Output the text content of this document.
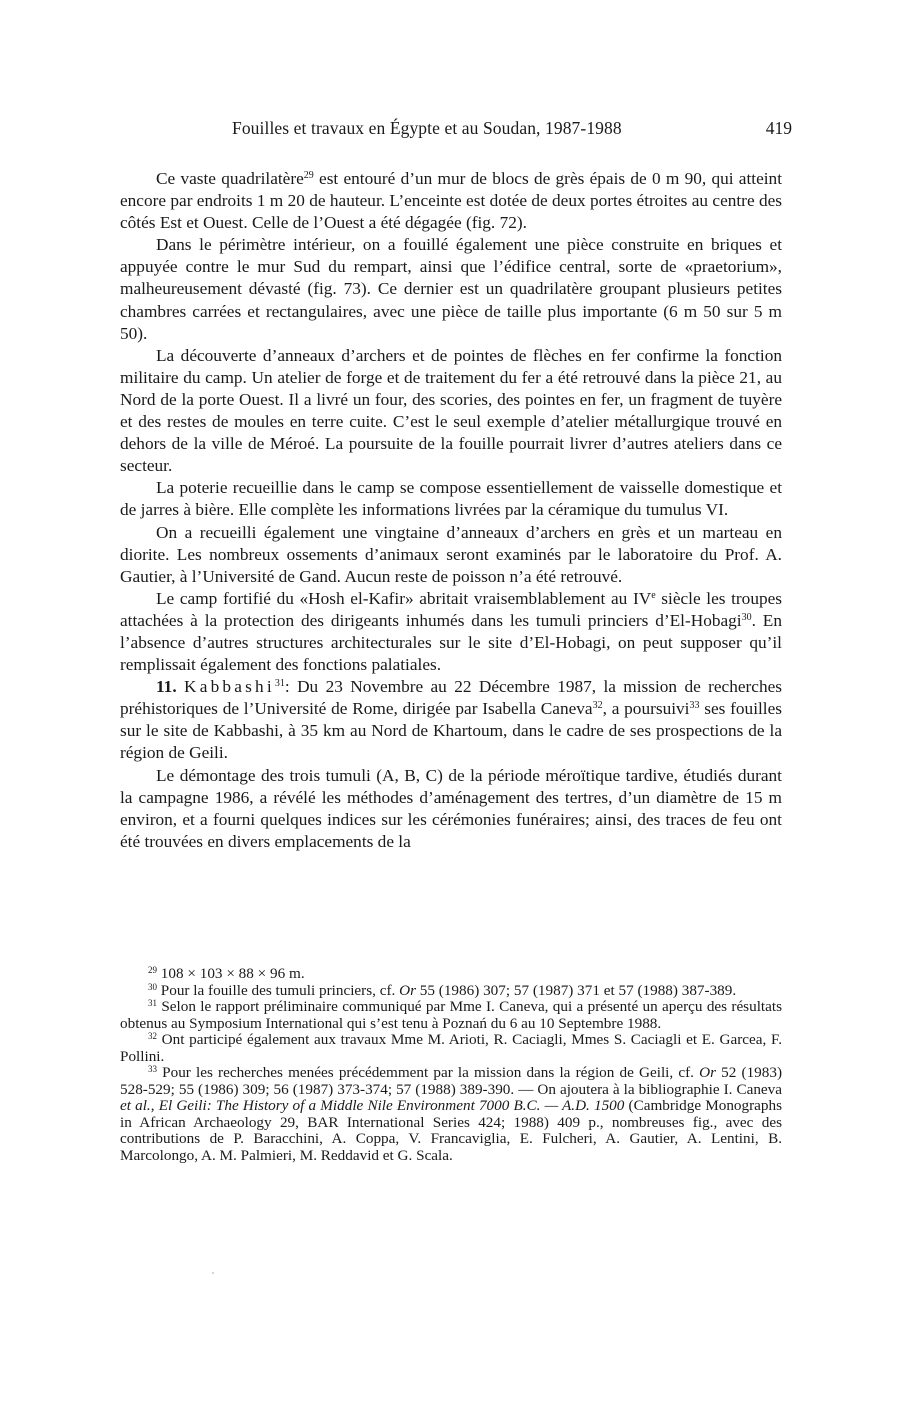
Fouilles et travaux en Égypte et au Soudan, 1987-1988	419

Ce vaste quadrilatère$^{29}$ est entouré d’un mur de blocs de grès épais de 0 m 90, qui atteint encore par endroits 1 m 20 de hauteur. L’enceinte est dotée de deux portes étroites au centre des côtés Est et Ouest. Celle de l’Ouest a été dégagée (fig. 72).

Dans le périmètre intérieur, on a fouillé également une pièce construite en briques et appuyée contre le mur Sud du rempart, ainsi que l’édifice central, sorte de «praetorium», malheureusement dévasté (fig. 73). Ce dernier est un quadrilatère groupant plusieurs petites chambres carrées et rectangulaires, avec une pièce de taille plus importante (6 m 50 sur 5 m 50).

La découverte d’anneaux d’archers et de pointes de flèches en fer confirme la fonction militaire du camp. Un atelier de forge et de traitement du fer a été retrouvé dans la pièce 21, au Nord de la porte Ouest. Il a livré un four, des scories, des pointes en fer, un fragment de tuyère et des restes de moules en terre cuite. C’est le seul exemple d’atelier métallurgique trouvé en dehors de la ville de Méroé. La poursuite de la fouille pourrait livrer d’autres ateliers dans ce secteur.

La poterie recueillie dans le camp se compose essentiellement de vaisselle domestique et de jarres à bière. Elle complète les informations livrées par la céramique du tumulus VI.

On a recueilli également une vingtaine d’anneaux d’archers en grès et un marteau en diorite. Les nombreux ossements d’animaux seront examinés par le laboratoire du Prof. A. Gautier, à l’Université de Gand. Aucun reste de poisson n’a été retrouvé.

Le camp fortifié du «Hosh el-Kafir» abritait vraisemblablement au IVe siècle les troupes attachées à la protection des dirigeants inhumés dans les tumuli princiers d’El-Hobagi$^{30}$. En l’absence d’autres structures architecturales sur le site d’El-Hobagi, on peut supposer qu’il remplissait également des fonctions palatiales.

11. Kabbashi$^{31}$: Du 23 Novembre au 22 Décembre 1987, la mission de recherches préhistoriques de l’Université de Rome, dirigée par Isabella Caneva$^{32}$, a poursuivi$^{33}$ ses fouilles sur le site de Kabbashi, à 35 km au Nord de Khartoum, dans le cadre de ses prospections de la région de Geili.

Le démontage des trois tumuli (A, B, C) de la période méroïtique tardive, étudiés durant la campagne 1986, a révélé les méthodes d’aménagement des tertres, d’un diamètre de 15 m environ, et a fourni quelques indices sur les cérémonies funéraires; ainsi, des traces de feu ont été trouvées en divers emplacements de la

$^{29}$ 108 × 103 × 88 × 96 m.

$^{30}$ Pour la fouille des tumuli princiers, cf. Or 55 (1986) 307; 57 (1987) 371 et 57 (1988) 387-389.

$^{31}$ Selon le rapport préliminaire communiqué par Mme I. Caneva, qui a présenté un aperçu des résultats obtenus au Symposium International qui s’est tenu à Poznań du 6 au 10 Septembre 1988.

$^{32}$ Ont participé également aux travaux Mme M. Arioti, R. Caciagli, Mmes S. Caciagli et E. Garcea, F. Pollini.

$^{33}$ Pour les recherches menées précédemment par la mission dans la région de Geili, cf. Or 52 (1983) 528-529; 55 (1986) 309; 56 (1987) 373-374; 57 (1988) 389-390. — On ajoutera à la bibliographie I. Caneva et al., El Geili: The History of a Middle Nile Environment 7000 B.C. — A.D. 1500 (Cambridge Monographs in African Archaeology 29, BAR International Series 424; 1988) 409 p., nombreuses fig., avec des contributions de P. Baracchini, A. Coppa, V. Francaviglia, E. Fulcheri, A. Gautier, A. Lentini, B. Marcolongo, A. M. Palmieri, M. Reddavid et G. Scala.
